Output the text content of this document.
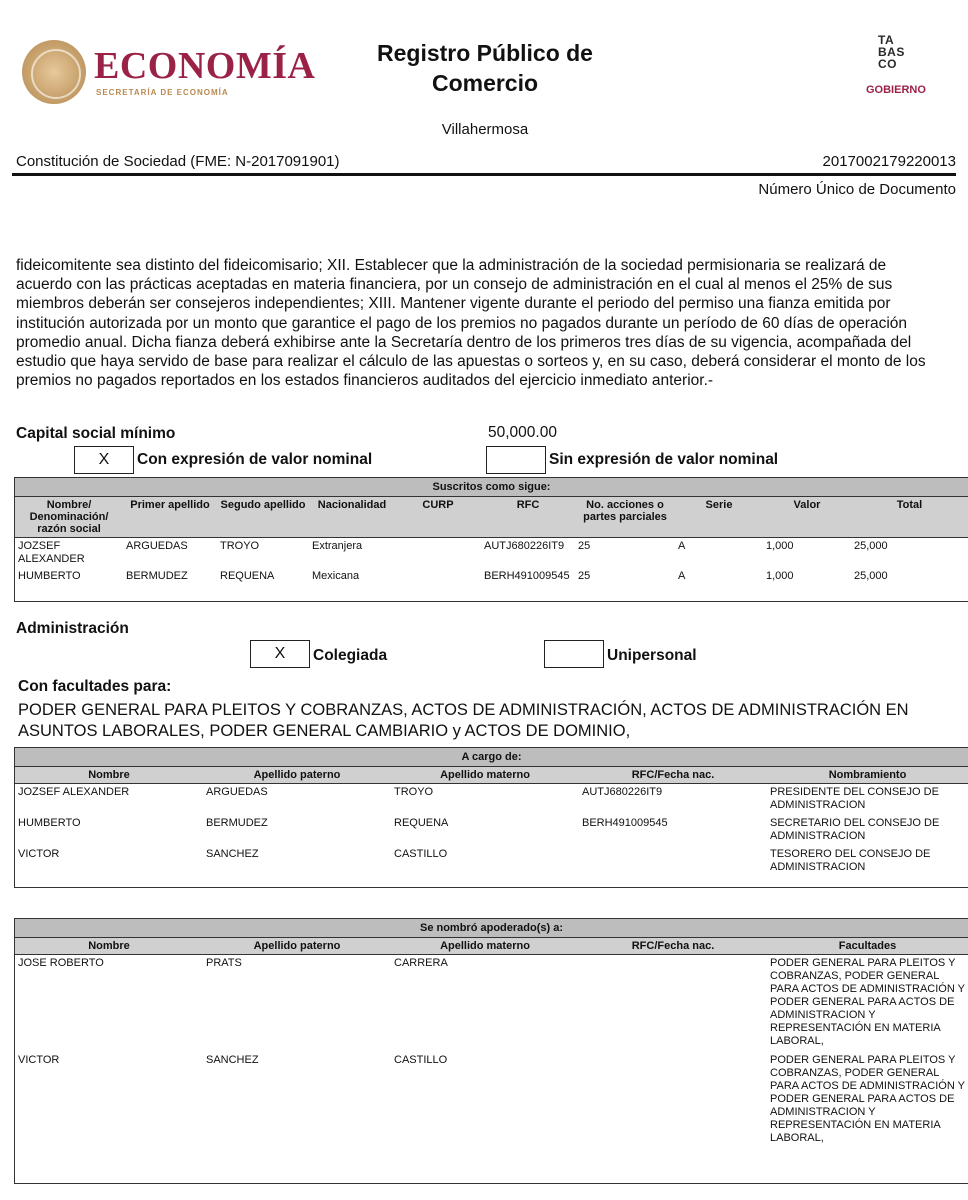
ECONOMÍA
SECRETARÍA DE ECONOMÍA
Registro Público de
Comercio
Villahermosa
TA
BAS
CO
GOBIERNO
Constitución de Sociedad (FME: N-2017091901)	2017002179220013
Número Único de Documento
fideicomitente sea distinto del fideicomisario; XII. Establecer que la administración de la sociedad permisionaria se realizará de acuerdo con las prácticas aceptadas en materia financiera, por un consejo de administración en el cual al menos el 25% de sus miembros deberán ser consejeros independientes; XIII. Mantener vigente durante el periodo del permiso una fianza emitida por institución autorizada por un monto que garantice el pago de los premios no pagados durante un período de 60 días de operación promedio anual. Dicha fianza deberá exhibirse ante la Secretaría dentro de los primeros tres días de su vigencia, acompañada del estudio que haya servido de base para realizar el cálculo de las apuestas o sorteos y, en su caso, deberá considerar el monto de los premios no pagados reportados en los estados financieros auditados del ejercicio inmediato anterior.-
Capital social mínimo	50,000.00
X	Con expresión de valor nominal	Sin expresión de valor nominal
Suscritos como sigue:
Nombre/ Denominación/ razón social	Primer apellido	Segudo apellido	Nacionalidad	CURP	RFC	No. acciones o partes parciales	Serie	Valor	Total
JOZSEF ALEXANDER	ARGUEDAS	TROYO	Extranjera		AUTJ680226IT9	25	A	1,000	25,000
HUMBERTO	BERMUDEZ	REQUENA	Mexicana		BERH491009545	25	A	1,000	25,000
Administración
X	Colegiada	Unipersonal
Con facultades para:
PODER GENERAL PARA PLEITOS Y COBRANZAS, ACTOS DE ADMINISTRACIÓN, ACTOS DE ADMINISTRACIÓN EN ASUNTOS LABORALES, PODER GENERAL CAMBIARIO y ACTOS DE DOMINIO,
A cargo de:
Nombre	Apellido paterno	Apellido materno	RFC/Fecha nac.	Nombramiento
JOZSEF ALEXANDER	ARGUEDAS	TROYO	AUTJ680226IT9	PRESIDENTE DEL CONSEJO DE ADMINISTRACION
HUMBERTO	BERMUDEZ	REQUENA	BERH491009545	SECRETARIO DEL CONSEJO DE ADMINISTRACION
VICTOR	SANCHEZ	CASTILLO		TESORERO DEL CONSEJO DE ADMINISTRACION
Se nombró apoderado(s) a:
Nombre	Apellido paterno	Apellido materno	RFC/Fecha nac.	Facultades
JOSE ROBERTO	PRATS	CARRERA		PODER GENERAL PARA PLEITOS Y COBRANZAS, PODER GENERAL PARA ACTOS DE ADMINISTRACIÓN Y PODER GENERAL PARA ACTOS DE ADMINISTRACION Y REPRESENTACIÓN EN MATERIA LABORAL,
VICTOR	SANCHEZ	CASTILLO		PODER GENERAL PARA PLEITOS Y COBRANZAS, PODER GENERAL PARA ACTOS DE ADMINISTRACIÓN Y PODER GENERAL PARA ACTOS DE ADMINISTRACION Y REPRESENTACIÓN EN MATERIA LABORAL,
